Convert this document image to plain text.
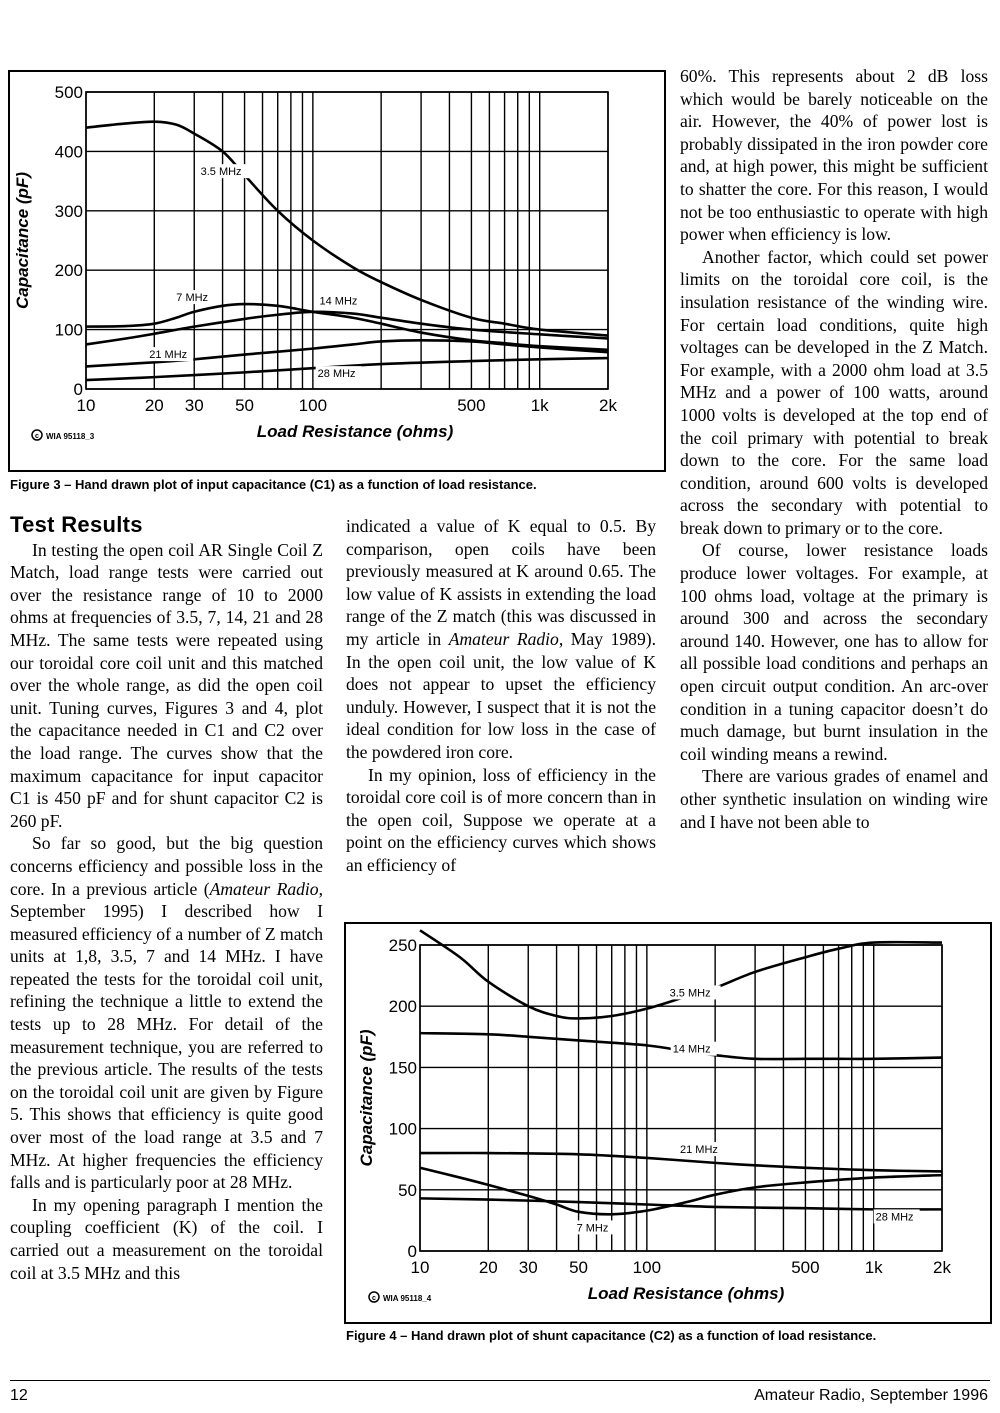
0
100
200
300
400
500
10	20 30 50	100	500	1k	2k
Load Resistance (ohms)
Capacitance (pF)
c WIA 95118_3
3.5 MHz
7 MHz	14 MHz
21 MHz
28 MHz
Figure 3 – Hand drawn plot of input capacitance (C1) as a function of load resistance.
Test Results

In testing the open coil AR Single Coil Z Match, load range tests were carried out over the resistance range of 10 to 2000 ohms at frequencies of 3.5, 7, 14, 21 and 28 MHz. The same tests were repeated using our toroidal core coil unit and this matched over the whole range, as did the open coil unit. Tuning curves, Figures 3 and 4, plot the capacitance needed in C1 and C2 over the load range. The curves show that the maximum capacitance for input capacitor C1 is 450 pF and for shunt capacitor C2 is 260 pF.

So far so good, but the big question concerns efficiency and possible loss in the core. In a previous article (Amateur Radio, September 1995) I described how I measured efficiency of a number of Z match units at 1,8, 3.5, 7 and 14 MHz. I have repeated the tests for the toroidal coil unit, refining the technique a little to extend the tests up to 28 MHz. For detail of the measurement technique, you are referred to the previous article. The results of the tests on the toroidal coil unit are given by Figure 5. This shows that efficiency is quite good over most of the load range at 3.5 and 7 MHz. At higher frequencies the efficiency falls and is particularly poor at 28 MHz.

In my opening paragraph I mention the coupling coefficient (K) of the coil. I carried out a measurement on the toroidal coil at 3.5 MHz and this

indicated a value of K equal to 0.5. By comparison, open coils have been previously measured at K around 0.65. The low value of K assists in extending the load range of the Z match (this was discussed in my article in Amateur Radio, May 1989). In the open coil unit, the low value of K does not appear to upset the efficiency unduly. However, I suspect that it is not the ideal condition for low loss in the case of the powdered iron core.

In my opinion, loss of efficiency in the toroidal core coil is of more concern than in the open coil, Suppose we operate at a point on the efficiency curves which shows an efficiency of

60%. This represents about 2 dB loss which would be barely noticeable on the air. However, the 40% of power lost is probably dissipated in the iron powder core and, at high power, this might be sufficient to shatter the core. For this reason, I would not be too enthusiastic to operate with high power when efficiency is low.

Another factor, which could set power limits on the toroidal core coil, is the insulation resistance of the winding wire. For certain load conditions, quite high voltages can be developed in the Z Match. For example, with a 2000 ohm load at 3.5 MHz and a power of 100 watts, around 1000 volts is developed at the top end of the coil primary with potential to break down to the core. For the same load condition, around 600 volts is developed across the secondary with potential to break down to primary or to the core.

Of course, lower resistance loads produce lower voltages. For example, at 100 ohms load, voltage at the primary is around 300 and across the secondary around 140. However, one has to allow for all possible load conditions and perhaps an open circuit output condition. An arc-over condition in a tuning capacitor doesn’t do much damage, but burnt insulation in the coil winding means a rewind.

There are various grades of enamel and other synthetic insulation on winding wire and I have not been able to

0
50
100
150
200
250
10	20 30 50	100	500	1k	2k
Load Resistance (ohms)
Capacitance (pF)
c WIA 95118_4
3.5 MHz
14 MHz
21 MHz
7 MHz
28 MHz
Figure 4 – Hand drawn plot of shunt capacitance (C2) as a function of load resistance.
12	Amateur Radio, September 1996
